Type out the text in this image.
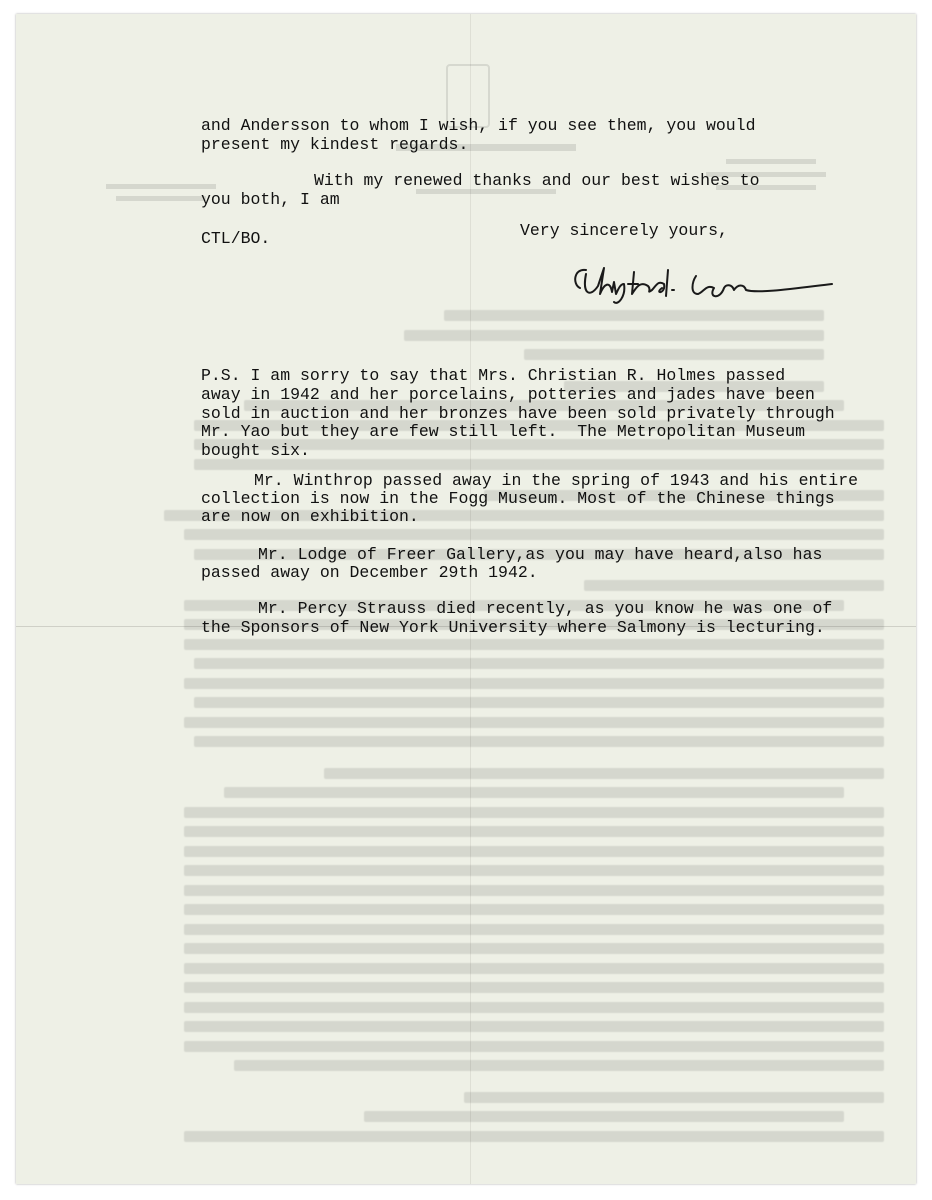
and Andersson to whom I wish, if you see them, you would

present my kindest regards.

With my renewed thanks and our best wishes to

you both, I am

CTL/BO.	Very sincerely yours,

P.S. I am sorry to say that Mrs. Christian R. Holmes passed

away in 1942 and her porcelains, potteries and jades have been

sold in auction and her bronzes have been sold privately through

Mr. Yao but they are few still left.  The Metropolitan Museum

bought six.

Mr. Winthrop passed away in the spring of 1943 and his entire

collection is now in the Fogg Museum. Most of the Chinese things

are now on exhibition.

Mr. Lodge of Freer Gallery,as you may have heard,also has

passed away on December 29th 1942.

Mr. Percy Strauss died recently, as you know he was one of

the Sponsors of New York University where Salmony is lecturing.
